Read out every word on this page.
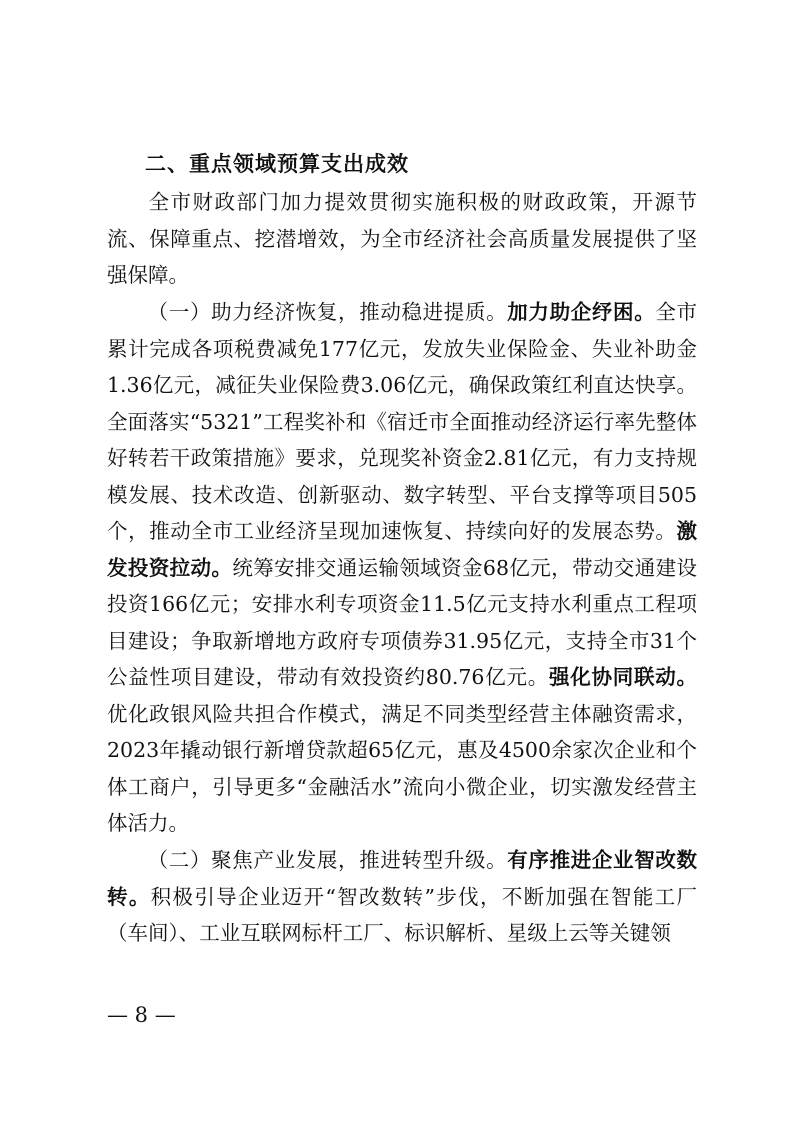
二、重点领域预算支出成效

全市财政部门加力提效贯彻实施积极的财政政策，开源节流、保障重点、挖潜增效，为全市经济社会高质量发展提供了坚强保障。

（一）助力经济恢复，推动稳进提质。加力助企纾困。全市累计完成各项税费减免177亿元，发放失业保险金、失业补助金1.36亿元，减征失业保险费3.06亿元，确保政策红利直达快享。全面落实“5321”工程奖补和《宿迁市全面推动经济运行率先整体好转若干政策措施》要求，兑现奖补资金2.81亿元，有力支持规模发展、技术改造、创新驱动、数字转型、平台支撑等项目505个，推动全市工业经济呈现加速恢复、持续向好的发展态势。激发投资拉动。统筹安排交通运输领域资金68亿元，带动交通建设投资166亿元；安排水利专项资金11.5亿元支持水利重点工程项目建设；争取新增地方政府专项债券31.95亿元，支持全市31个公益性项目建设，带动有效投资约80.76亿元。强化协同联动。优化政银风险共担合作模式，满足不同类型经营主体融资需求，2023年撬动银行新增贷款超65亿元，惠及4500余家次企业和个体工商户，引导更多“金融活水”流向小微企业，切实激发经营主体活力。

（二）聚焦产业发展，推进转型升级。有序推进企业智改数转。积极引导企业迈开“智改数转”步伐，不断加强在智能工厂（车间）、工业互联网标杆工厂、标识解析、星级上云等关键领

— 8 —
